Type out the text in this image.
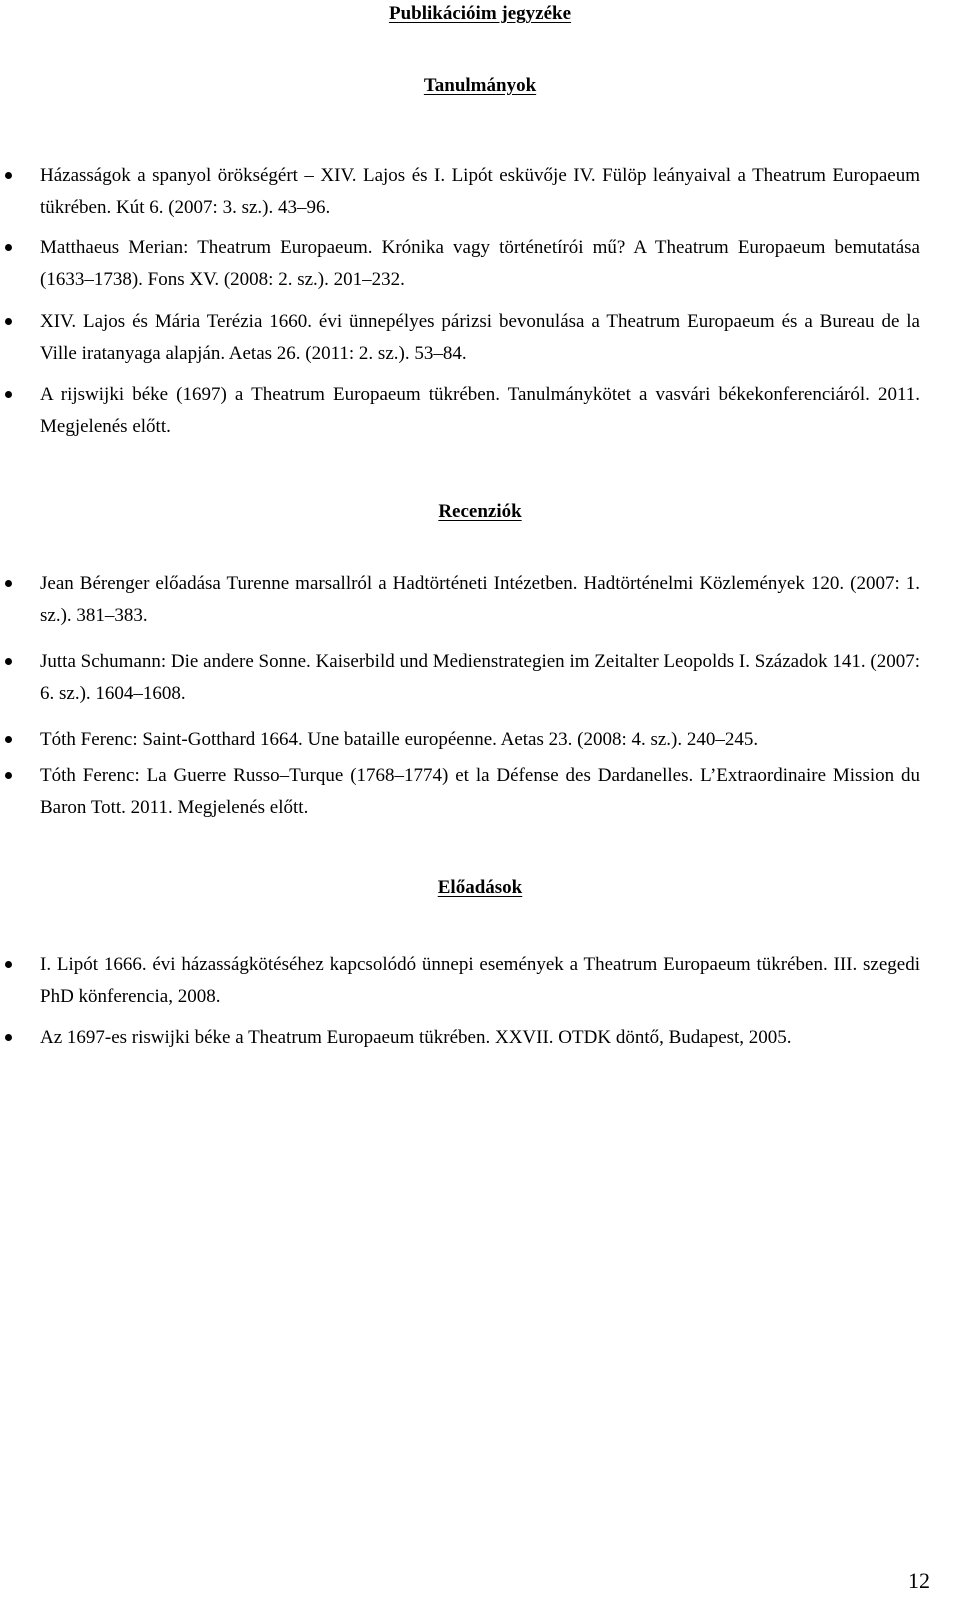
Publikációim jegyzéke
Tanulmányok
Házasságok a spanyol örökségért – XIV. Lajos és I. Lipót esküvője IV. Fülöp leányaival a Theatrum Europaeum tükrében. Kút 6. (2007: 3. sz.). 43–96.
Matthaeus Merian: Theatrum Europaeum. Krónika vagy történetírói mű? A Theatrum Europaeum bemutatása (1633–1738). Fons XV. (2008: 2. sz.). 201–232.
XIV. Lajos és Mária Terézia 1660. évi ünnepélyes párizsi bevonulása a Theatrum Europaeum és a Bureau de la Ville iratanyaga alapján. Aetas 26. (2011: 2. sz.). 53–84.
A rijswijki béke (1697) a Theatrum Europaeum tükrében. Tanulmánykötet a vasvári békekonferenciáról. 2011. Megjelenés előtt.
Recenziók
Jean Bérenger előadása Turenne marsallról a Hadtörténeti Intézetben. Hadtörténelmi Közlemények 120. (2007: 1. sz.). 381–383.
Jutta Schumann: Die andere Sonne. Kaiserbild und Medienstrategien im Zeitalter Leopolds I. Századok 141. (2007: 6. sz.). 1604–1608.
Tóth Ferenc: Saint-Gotthard 1664. Une bataille européenne. Aetas 23. (2008: 4. sz.). 240–245.
Tóth Ferenc: La Guerre Russo–Turque (1768–1774) et la Défense des Dardanelles. L’Extraordinaire Mission du Baron Tott. 2011. Megjelenés előtt.
Előadások
I. Lipót 1666. évi házasságkötéséhez kapcsolódó ünnepi események a Theatrum Europaeum tükrében. III. szegedi PhD könferencia, 2008.
Az 1697-es riswijki béke a Theatrum Europaeum tükrében. XXVII. OTDK döntő, Budapest, 2005.
12
